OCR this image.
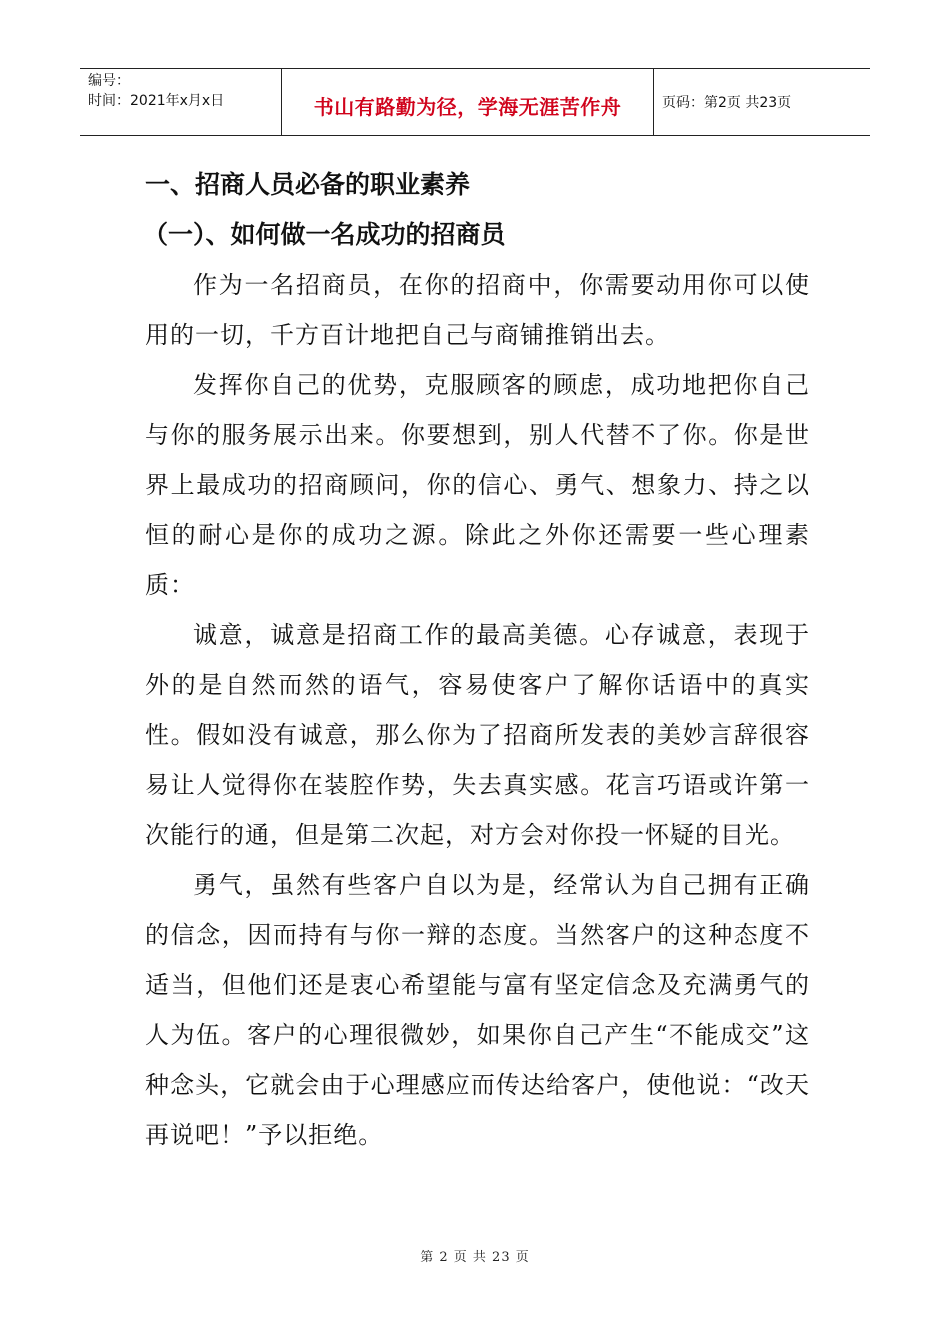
编号：
时间：2021年x月x日	书山有路勤为径，学海无涯苦作舟	页码：第2页 共23页
一、招商人员必备的职业素养
（一）、如何做一名成功的招商员

作为一名招商员，在你的招商中，你需要动用你可以使用的一切，千方百计地把自己与商铺推销出去。

发挥你自己的优势，克服顾客的顾虑，成功地把你自己与你的服务展示出来。你要想到，别人代替不了你。你是世界上最成功的招商顾问，你的信心、勇气、想象力、持之以恒的耐心是你的成功之源。除此之外你还需要一些心理素质：

诚意，诚意是招商工作的最高美德。心存诚意，表现于外的是自然而然的语气，容易使客户了解你话语中的真实性。假如没有诚意，那么你为了招商所发表的美妙言辞很容易让人觉得你在装腔作势，失去真实感。花言巧语或许第一次能行的通，但是第二次起，对方会对你投一怀疑的目光。

勇气，虽然有些客户自以为是，经常认为自己拥有正确的信念，因而持有与你一辩的态度。当然客户的这种态度不适当，但他们还是衷心希望能与富有坚定信念及充满勇气的人为伍。客户的心理很微妙，如果你自己产生“不能成交”这种念头，它就会由于心理感应而传达给客户，使他说：“改天再说吧！”予以拒绝。

第 2 页 共 23 页
